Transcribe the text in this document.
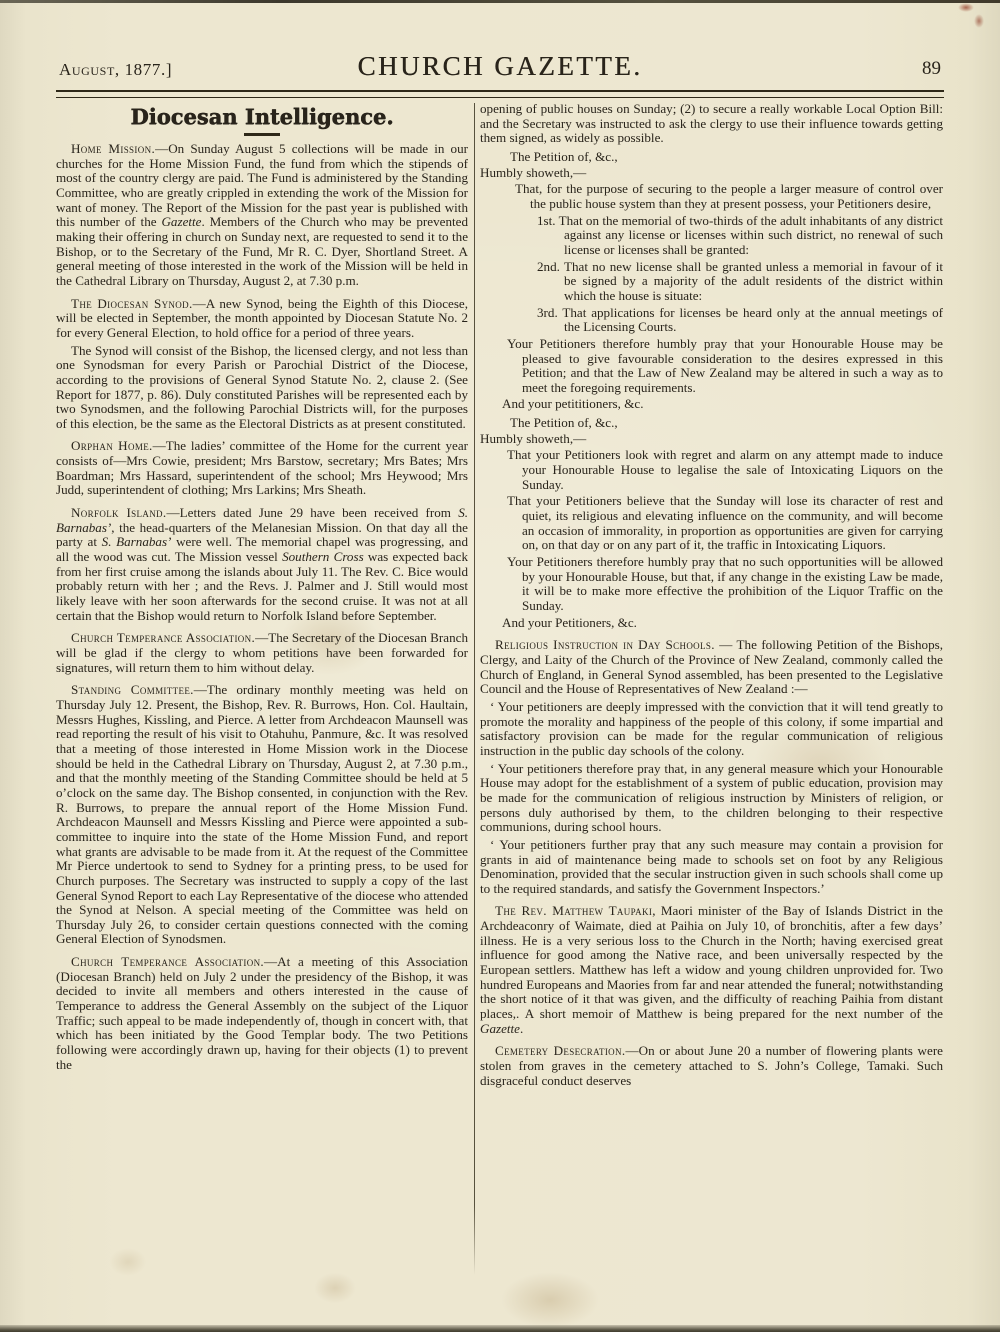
August, 1877.]	CHURCH GAZETTE.	89
Diocesan Intelligence.

Home Mission.—On Sunday August 5 collections will be made in our churches for the Home Mission Fund, the fund from which the stipends of most of the country clergy are paid. The Fund is administered by the Standing Committee, who are greatly crippled in extending the work of the Mission for want of money. The Report of the Mission for the past year is published with this number of the Gazette. Members of the Church who may be prevented making their offering in church on Sunday next, are requested to send it to the Bishop, or to the Secretary of the Fund, Mr R. C. Dyer, Shortland Street. A general meeting of those interested in the work of the Mission will be held in the Cathedral Library on Thursday, August 2, at 7.30 p.m.

The Diocesan Synod.—A new Synod, being the Eighth of this Diocese, will be elected in September, the month appointed by Diocesan Statute No. 2 for every General Election, to hold office for a period of three years.

The Synod will consist of the Bishop, the licensed clergy, and not less than one Synodsman for every Parish or Parochial District of the Diocese, according to the provisions of General Synod Statute No. 2, clause 2. (See Report for 1877, p. 86). Duly constituted Parishes will be represented each by two Synodsmen, and the following Parochial Districts will, for the purposes of this election, be the same as the Electoral Districts as at present constituted.

Orphan Home.—The ladies’ committee of the Home for the current year consists of—Mrs Cowie, president; Mrs Barstow, secretary; Mrs Bates; Mrs Boardman; Mrs Hassard, superintendent of the school; Mrs Heywood; Mrs Judd, superintendent of clothing; Mrs Larkins; Mrs Sheath.

Norfolk Island.—Letters dated June 29 have been received from S. Barnabas’, the head-quarters of the Melanesian Mission. On that day all the party at S. Barnabas’ were well. The memorial chapel was progressing, and all the wood was cut. The Mission vessel Southern Cross was expected back from her first cruise among the islands about July 11. The Rev. C. Bice would probably return with her ; and the Revs. J. Palmer and J. Still would most likely leave with her soon afterwards for the second cruise. It was not at all certain that the Bishop would return to Norfolk Island before September.

Church Temperance Association.—The Secretary of the Diocesan Branch will be glad if the clergy to whom petitions have been forwarded for signatures, will return them to him without delay.

Standing Committee.—The ordinary monthly meeting was held on Thursday July 12. Present, the Bishop, Rev. R. Burrows, Hon. Col. Haultain, Messrs Hughes, Kissling, and Pierce. A letter from Archdeacon Maunsell was read reporting the result of his visit to Otahuhu, Panmure, &c. It was resolved that a meeting of those interested in Home Mission work in the Diocese should be held in the Cathedral Library on Thursday, August 2, at 7.30 p.m., and that the monthly meeting of the Standing Committee should be held at 5 o’clock on the same day. The Bishop consented, in conjunction with the Rev. R. Burrows, to prepare the annual report of the Home Mission Fund. Archdeacon Maunsell and Messrs Kissling and Pierce were appointed a sub-committee to inquire into the state of the Home Mission Fund, and report what grants are advisable to be made from it. At the request of the Committee Mr Pierce undertook to send to Sydney for a printing press, to be used for Church purposes. The Secretary was instructed to supply a copy of the last General Synod Report to each Lay Representative of the diocese who attended the Synod at Nelson. A special meeting of the Committee was held on Thursday July 26, to consider certain questions connected with the coming General Election of Synodsmen.

Church Temperance Association.—At a meeting of this Association (Diocesan Branch) held on July 2 under the presidency of the Bishop, it was decided to invite all members and others interested in the cause of Temperance to address the General Assembly on the subject of the Liquor Traffic; such appeal to be made independently of, though in concert with, that which has been initiated by the Good Templar body. The two Petitions following were accordingly drawn up, having for their objects (1) to prevent the

opening of public houses on Sunday; (2) to secure a really workable Local Option Bill: and the Secretary was instructed to ask the clergy to use their influence towards getting them signed, as widely as possible.

The Petition of, &c.,

Humbly showeth,—

That, for the purpose of securing to the people a larger measure of control over the public house system than they at present possess, your Petitioners desire,

1st. That on the memorial of two-thirds of the adult inhabitants of any district against any license or licenses within such district, no renewal of such license or licenses shall be granted:

2nd. That no new license shall be granted unless a memorial in favour of it be signed by a majority of the adult residents of the district within which the house is situate:

3rd. That applications for licenses be heard only at the annual meetings of the Licensing Courts.

Your Petitioners therefore humbly pray that your Honourable House may be pleased to give favourable consideration to the desires expressed in this Petition; and that the Law of New Zealand may be altered in such a way as to meet the foregoing requirements.

And your petititioners, &c.

The Petition of, &c.,

Humbly showeth,—

That your Petitioners look with regret and alarm on any attempt made to induce your Honourable House to legalise the sale of Intoxicating Liquors on the Sunday.

That your Petitioners believe that the Sunday will lose its character of rest and quiet, its religious and elevating influence on the community, and will become an occasion of immorality, in proportion as opportunities are given for carrying on, on that day or on any part of it, the traffic in Intoxicating Liquors.

Your Petitioners therefore humbly pray that no such opportunities will be allowed by your Honourable House, but that, if any change in the existing Law be made, it will be to make more effective the prohibition of the Liquor Traffic on the Sunday.

And your Petitioners, &c.

Religious Instruction in Day Schools. — The following Petition of the Bishops, Clergy, and Laity of the Church of the Province of New Zealand, commonly called the Church of England, in General Synod assembled, has been presented to the Legislative Council and the House of Representatives of New Zealand :—

‘ Your petitioners are deeply impressed with the conviction that it will tend greatly to promote the morality and happiness of the people of this colony, if some impartial and satisfactory provision can be made for the regular communication of religious instruction in the public day schools of the colony.

‘ Your petitioners therefore pray that, in any general measure which your Honourable House may adopt for the establishment of a system of public education, provision may be made for the communication of religious instruction by Ministers of religion, or persons duly authorised by them, to the children belonging to their respective communions, during school hours.

‘ Your petitioners further pray that any such measure may contain a provision for grants in aid of maintenance being made to schools set on foot by any Religious Denomination, provided that the secular instruction given in such schools shall come up to the required standards, and satisfy the Government Inspectors.’

The Rev. Matthew Taupaki, Maori minister of the Bay of Islands District in the Archdeaconry of Waimate, died at Paihia on July 10, of bronchitis, after a few days’ illness. He is a very serious loss to the Church in the North; having exercised great influence for good among the Native race, and been universally respected by the European settlers. Matthew has left a widow and young children unprovided for. Two hundred Europeans and Maories from far and near attended the funeral; notwithstanding the short notice of it that was given, and the difficulty of reaching Paihia from distant places,. A short memoir of Matthew is being prepared for the next number of the Gazette.

Cemetery Desecration.—On or about June 20 a number of flowering plants were stolen from graves in the cemetery attached to S. John’s College, Tamaki. Such disgraceful conduct deserves
